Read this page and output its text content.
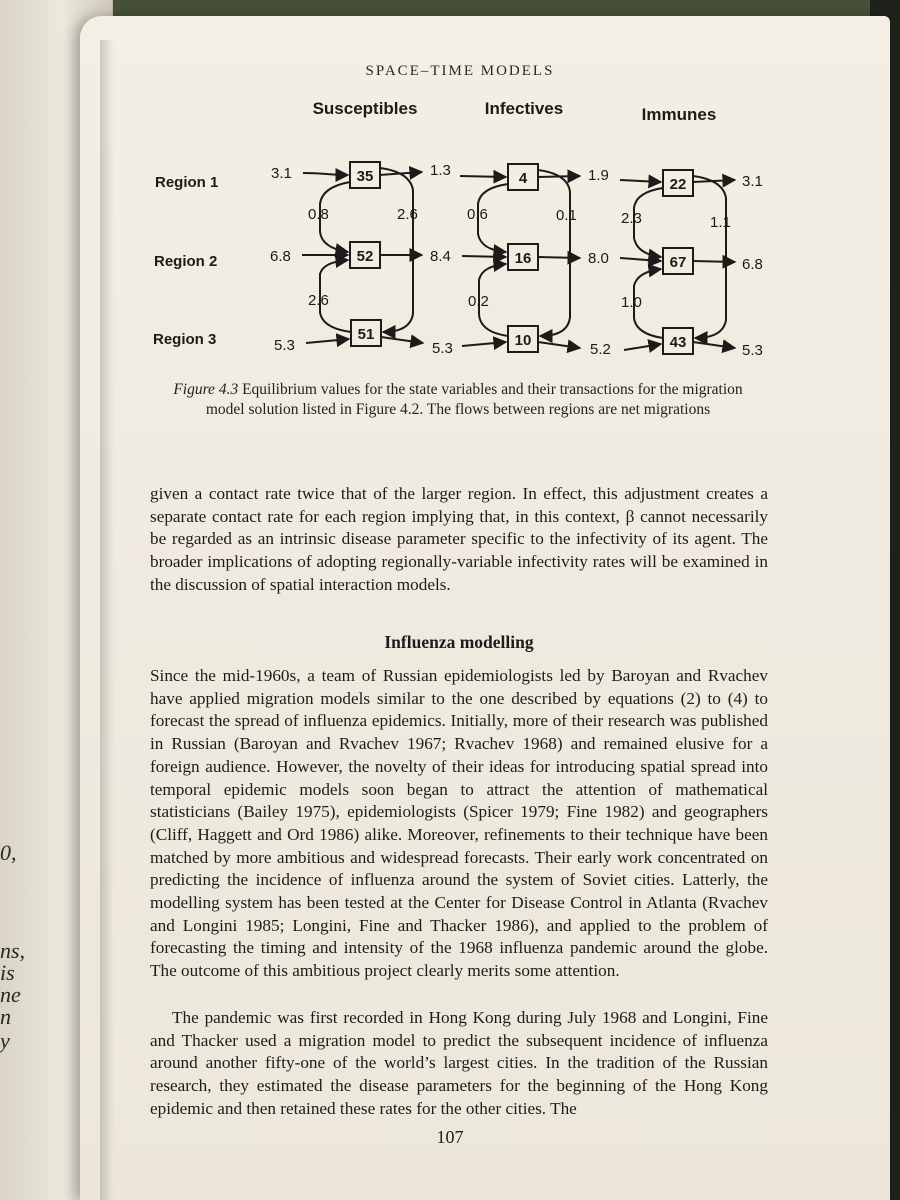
0,
ns,
is
ne
n
y
SPACE–TIME MODELS
Susceptibles	Infectives	Immunes
Region 1
Region 2
Region 3
35
52
51
4
16
10
22
67
43
3.1
6.8
5.3
1.3
8.4
5.3
0.8	2.6
2.6
1.9
8.0
5.2
0.6	0.1
0.2
3.1
6.8
5.3
2.3	1.1
1.0
Figure 4.3 Equilibrium values for the state variables and their transactions for the migration model solution listed in Figure 4.2. The flows between regions are net migrations
given a contact rate twice that of the larger region. In effect, this adjustment creates a separate contact rate for each region implying that, in this context, β cannot necessarily be regarded as an intrinsic disease parameter specific to the infectivity of its agent. The broader implications of adopting regionally-variable infectivity rates will be examined in the discussion of spatial interaction models.
Influenza modelling
Since the mid-1960s, a team of Russian epidemiologists led by Baroyan and Rvachev have applied migration models similar to the one described by equations (2) to (4) to forecast the spread of influenza epidemics. Initially, more of their research was published in Russian (Baroyan and Rvachev 1967; Rvachev 1968) and remained elusive for a foreign audience. However, the novelty of their ideas for introducing spatial spread into temporal epidemic models soon began to attract the attention of mathematical statisticians (Bailey 1975), epidemiologists (Spicer 1979; Fine 1982) and geographers (Cliff, Haggett and Ord 1986) alike. Moreover, refinements to their technique have been matched by more ambitious and widespread forecasts. Their early work concentrated on predicting the incidence of influenza around the system of Soviet cities. Latterly, the modelling system has been tested at the Center for Disease Control in Atlanta (Rvachev and Longini 1985; Longini, Fine and Thacker 1986), and applied to the problem of forecasting the timing and intensity of the 1968 influenza pandemic around the globe. The outcome of this ambitious project clearly merits some attention.
The pandemic was first recorded in Hong Kong during July 1968 and Longini, Fine and Thacker used a migration model to predict the subsequent incidence of influenza around another fifty-one of the world’s largest cities. In the tradition of the Russian research, they estimated the disease parameters for the beginning of the Hong Kong epidemic and then retained these rates for the other cities. The
107
